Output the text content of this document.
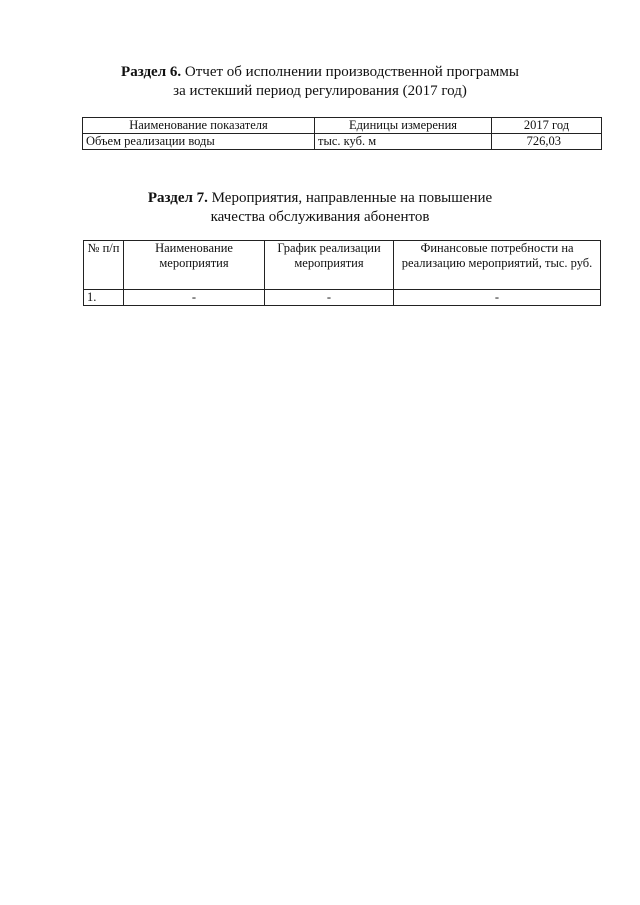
Раздел 6. Отчет об исполнении производственной программы
за истекший период регулирования (2017 год)
Наименование показателя	Единицы измерения	2017 год
Объем реализации воды	тыс. куб. м	726,03
Раздел 7. Мероприятия, направленные на повышение
качества обслуживания абонентов
№ п/п	Наименование мероприятия	График реализации мероприятия	Финансовые потребности на реализацию мероприятий, тыс. руб.
1.	-	-	-
